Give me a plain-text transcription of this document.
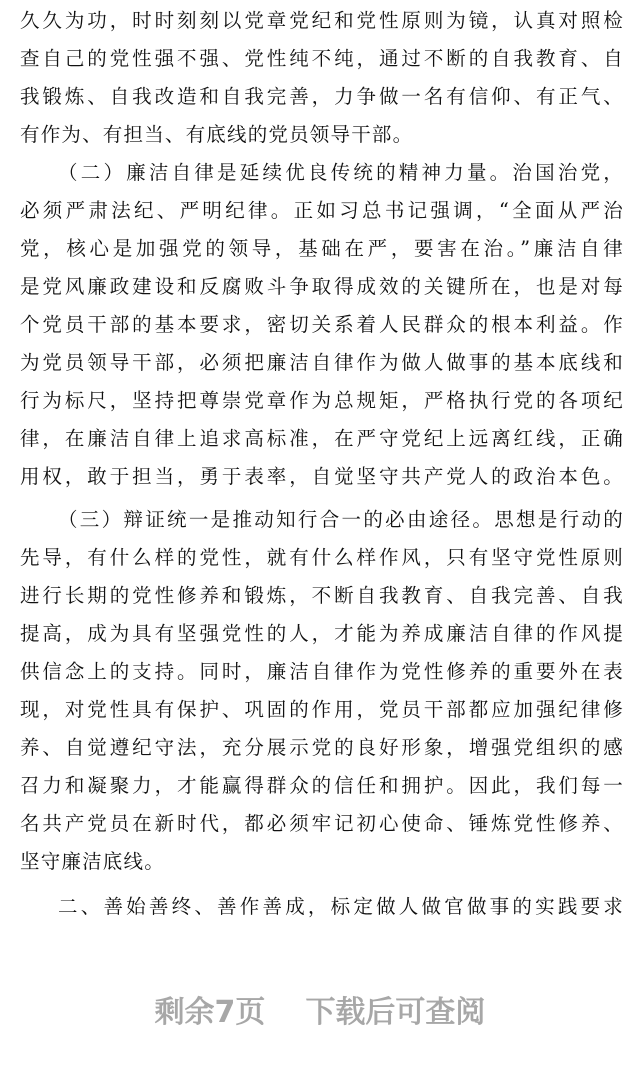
久久为功，时时刻刻以党章党纪和党性原则为镜，认真对照检
查自己的党性强不强、党性纯不纯，通过不断的自我教育、自
我锻炼、自我改造和自我完善，力争做一名有信仰、有正气、
有作为、有担当、有底线的党员领导干部。
（二）廉洁自律是延续优良传统的精神力量。治国治党，
必须严肃法纪、严明纪律。正如习总书记强调，“全面从严治
党，核心是加强党的领导，基础在严，要害在治。”廉洁自律
是党风廉政建设和反腐败斗争取得成效的关键所在，也是对每
个党员干部的基本要求，密切关系着人民群众的根本利益。作
为党员领导干部，必须把廉洁自律作为做人做事的基本底线和
行为标尺，坚持把尊崇党章作为总规矩，严格执行党的各项纪
律，在廉洁自律上追求高标准，在严守党纪上远离红线，正确
用权，敢于担当，勇于表率，自觉坚守共产党人的政治本色。
（三）辩证统一是推动知行合一的必由途径。思想是行动的
先导，有什么样的党性，就有什么样作风，只有坚守党性原则
进行长期的党性修养和锻炼，不断自我教育、自我完善、自我
提高，成为具有坚强党性的人，才能为养成廉洁自律的作风提
供信念上的支持。同时，廉洁自律作为党性修养的重要外在表
现，对党性具有保护、巩固的作用，党员干部都应加强纪律修
养、自觉遵纪守法，充分展示党的良好形象，增强党组织的感
召力和凝聚力，才能赢得群众的信任和拥护。因此，我们每一
名共产党员在新时代，都必须牢记初心使命、锤炼党性修养、
坚守廉洁底线。
二、善始善终、善作善成，标定做人做官做事的实践要求
剩余7页 下载后可查阅
